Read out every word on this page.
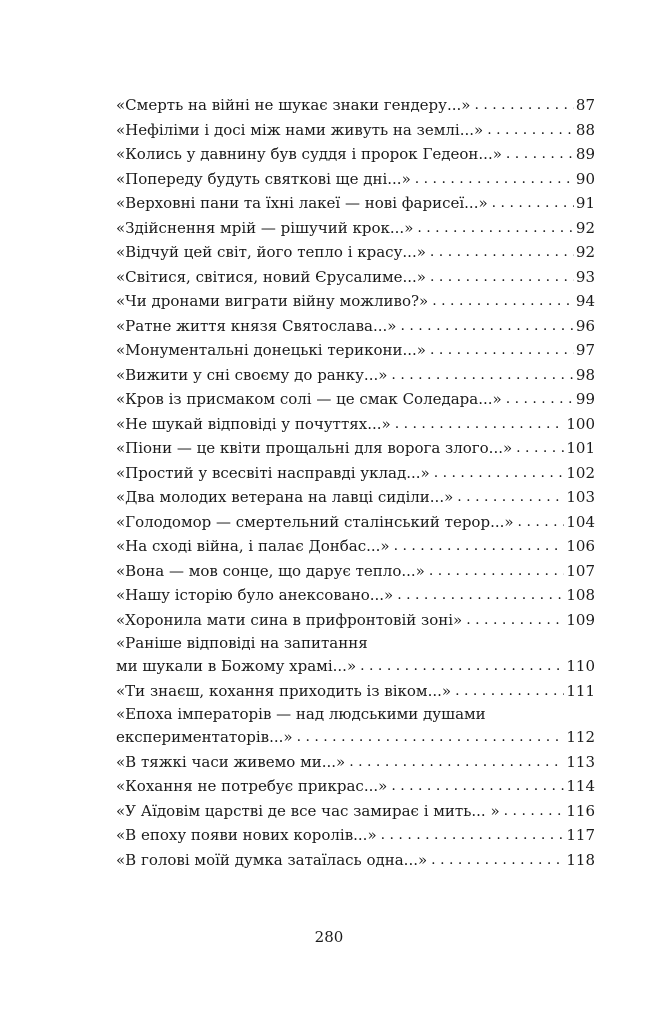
«Смерть на війні не шукає знаки гендеру...» . . .	87
«Нефіліми і досі між нами живуть на землі...» . . .	88
«Колись у давнину був суддя і пророк Гедеон...» . . .	89
«Попереду будуть святкові ще дні...» . . .	90
«Верховні пани та їхні лакеї — нові фарисеї...» . . .	91
«Здійснення мрій — рішучий крок...» . . .	92
«Відчуй цей світ, його тепло і красу...» . . .	92
«Світися, світися, новий Єрусалиме...» . . .	93
«Чи дронами виграти війну можливо?» . . .	94
«Ратне життя князя Святослава...» . . .	96
«Монументальні донецькі терикони...» . . .	97
«Вижити у сні своєму до ранку...» . . .	98
«Кров із присмаком солі — це смак Соледара...» . . .	99
«Не шукай відповіді у почуттях...» . . .	100
«Піони — це квіти прощальні для ворога злого...» . . .	101
«Простий у всесвіті насправді уклад...» . . .	102
«Два молодих ветерана на лавці сиділи...» . . .	103
«Голодомор — смертельний сталінський терор...» . . .	104
«На сході війна, і палає Донбас...» . . .	106
«Вона — мов сонце, що дарує тепло...» . . .	107
«Нашу історію було анексовано...» . . .	108
«Хоронила мати сина в прифронтовій зоні» . . .	109
«Раніше відповіді на запитання
ми шукали в Божому храмі...» . . .	110
«Ти знаєш, кохання приходить із віком...» . . .	111
«Епоха імператорів — над людськими душами
експериментаторів...» . . .	112
«В тяжкі часи живемо ми...» . . .	113
«Кохання не потребує прикрас...» . . .	114
«У Аїдовім царстві де все час замирає і мить... » . . .	116
«В епоху появи нових королів...» . . .	117
«В голові моїй думка затаїлась одна...» . . .	118
280
